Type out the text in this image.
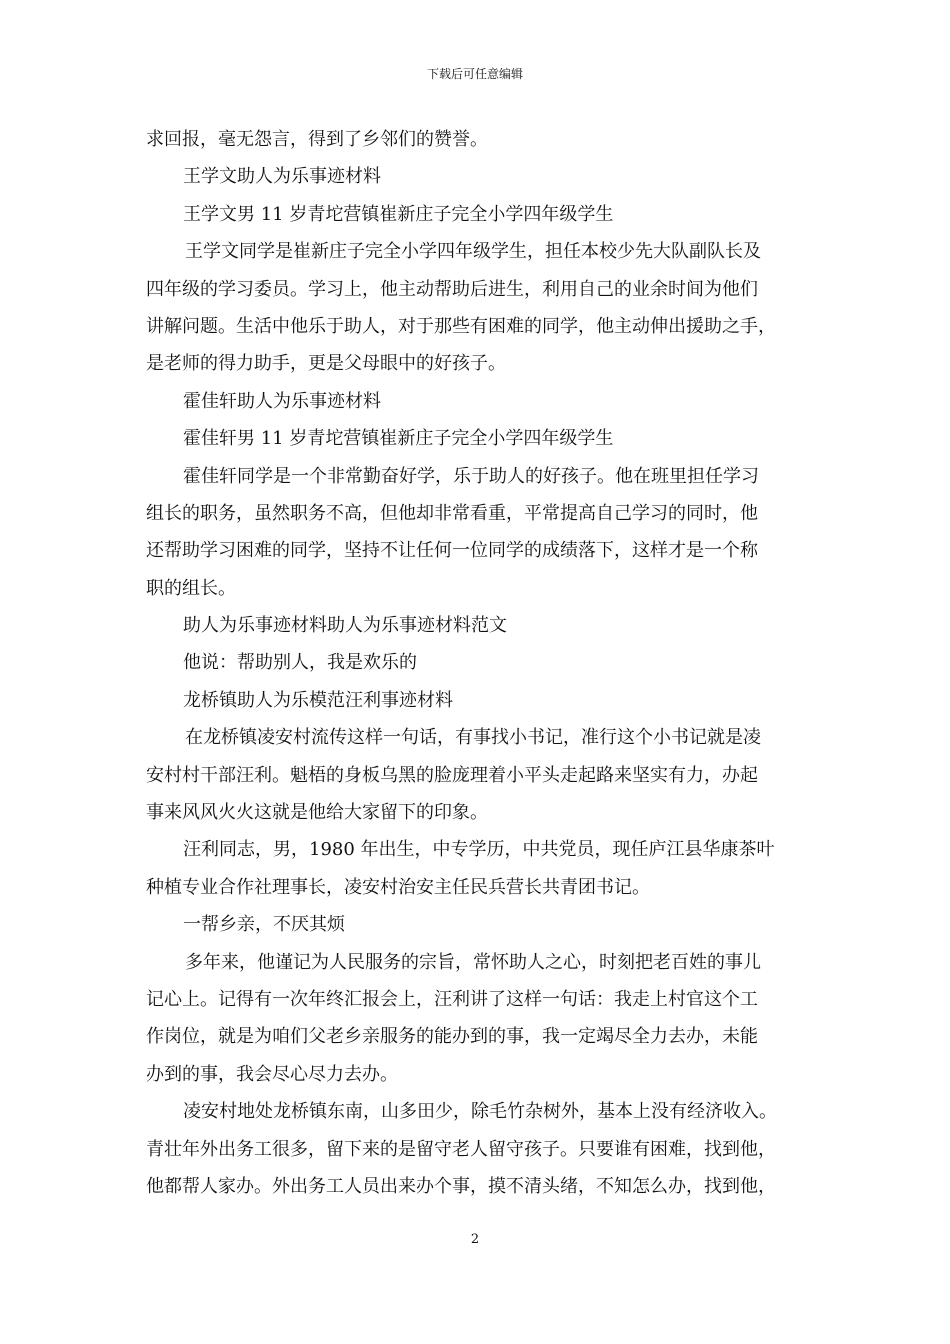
下载后可任意编辑
求回报，毫无怨言，得到了乡邻们的赞誉。
王学文助人为乐事迹材料
王学文男 11 岁青坨营镇崔新庄子完全小学四年级学生
王学文同学是崔新庄子完全小学四年级学生，担任本校少先大队副队长及
四年级的学习委员。学习上，他主动帮助后进生，利用自己的业余时间为他们
讲解问题。生活中他乐于助人，对于那些有困难的同学，他主动伸出援助之手，
是老师的得力助手，更是父母眼中的好孩子。
霍佳轩助人为乐事迹材料
霍佳轩男 11 岁青坨营镇崔新庄子完全小学四年级学生
霍佳轩同学是一个非常勤奋好学，乐于助人的好孩子。他在班里担任学习
组长的职务，虽然职务不高，但他却非常看重，平常提高自己学习的同时，他
还帮助学习困难的同学，坚持不让任何一位同学的成绩落下，这样才是一个称
职的组长。
助人为乐事迹材料助人为乐事迹材料范文
他说：帮助别人，我是欢乐的
龙桥镇助人为乐模范汪利事迹材料
在龙桥镇凌安村流传这样一句话，有事找小书记，准行这个小书记就是凌
安村村干部汪利。魁梧的身板乌黑的脸庞理着小平头走起路来坚实有力，办起
事来风风火火这就是他给大家留下的印象。
汪利同志，男，1980 年出生，中专学历，中共党员，现任庐江县华康茶叶
种植专业合作社理事长，凌安村治安主任民兵营长共青团书记。
一帮乡亲，不厌其烦
多年来，他谨记为人民服务的宗旨，常怀助人之心，时刻把老百姓的事儿
记心上。记得有一次年终汇报会上，汪利讲了这样一句话：我走上村官这个工
作岗位，就是为咱们父老乡亲服务的能办到的事，我一定竭尽全力去办，未能
办到的事，我会尽心尽力去办。
凌安村地处龙桥镇东南，山多田少，除毛竹杂树外，基本上没有经济收入。
青壮年外出务工很多，留下来的是留守老人留守孩子。只要谁有困难，找到他，
他都帮人家办。外出务工人员出来办个事，摸不清头绪，不知怎么办，找到他，
2
